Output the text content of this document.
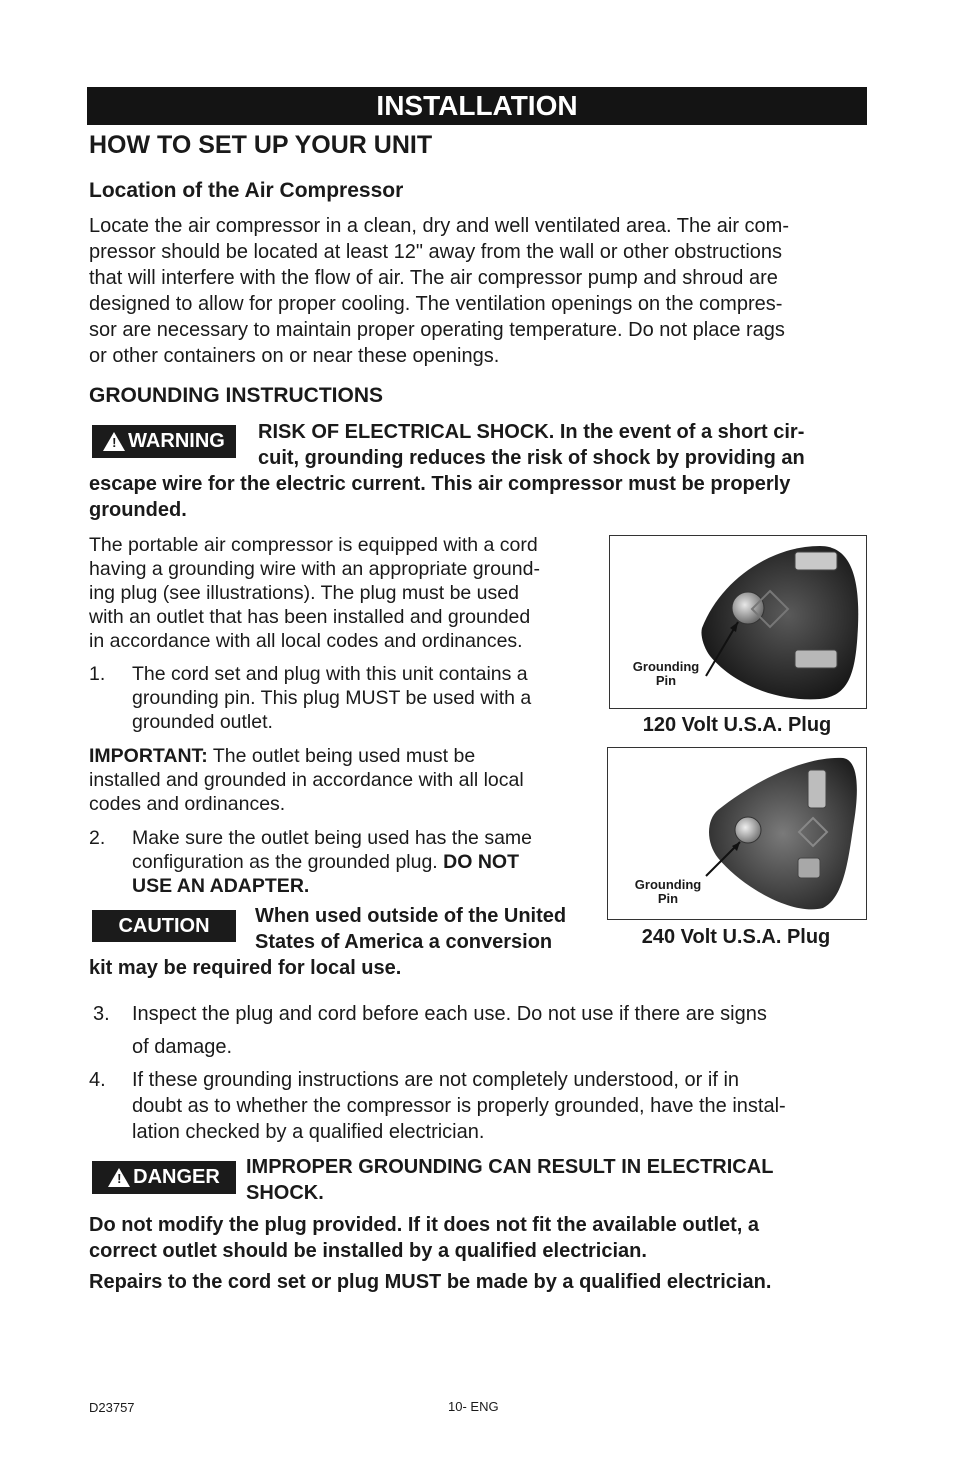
INSTALLATION
HOW TO SET UP YOUR UNIT
Location of the Air Compressor
Locate the air compressor in a clean, dry and well ventilated area. The air com-
pressor should be located at least 12" away from the wall or other obstructions
that will interfere with the flow of air. The air compressor pump and shroud are
designed to allow for proper cooling. The ventilation openings on the compres-
sor are necessary to maintain proper operating temperature. Do not place rags
or other containers on or near these openings.
GROUNDING INSTRUCTIONS
! WARNING RISK OF ELECTRICAL SHOCK. In the event of a short cir-
cuit, grounding reduces the risk of shock by providing an
escape wire for the electric current. This air compressor must be properly
grounded.
The portable air compressor is equipped with a cord
having a grounding wire with an appropriate ground-
ing plug (see illustrations). The plug must be used
with an outlet that has been installed and grounded
in accordance with all local codes and ordinances.
1. The cord set and plug with this unit contains a
grounding pin. This plug MUST be used with a
grounded outlet.
IMPORTANT: The outlet being used must be
installed and grounded in accordance with all local
codes and ordinances.
2. Make sure the outlet being used has the same
configuration as the grounded plug. DO NOT
USE AN ADAPTER.
CAUTION When used outside of the United
States of America a conversion
kit may be required for local use.
Grounding
Pin
120 Volt U.S.A. Plug
Grounding
Pin
240 Volt U.S.A. Plug
3. Inspect the plug and cord before each use. Do not use if there are signs
of damage.
4. If these grounding instructions are not completely understood, or if in
doubt as to whether the compressor is properly grounded, have the instal-
lation checked by a qualified electrician.
! DANGER IMPROPER GROUNDING CAN RESULT IN ELECTRICAL
SHOCK.
Do not modify the plug provided. If it does not fit the available outlet, a
correct outlet should be installed by a qualified electrician.
Repairs to the cord set or plug MUST be made by a qualified electrician.
D23757	10- ENG
